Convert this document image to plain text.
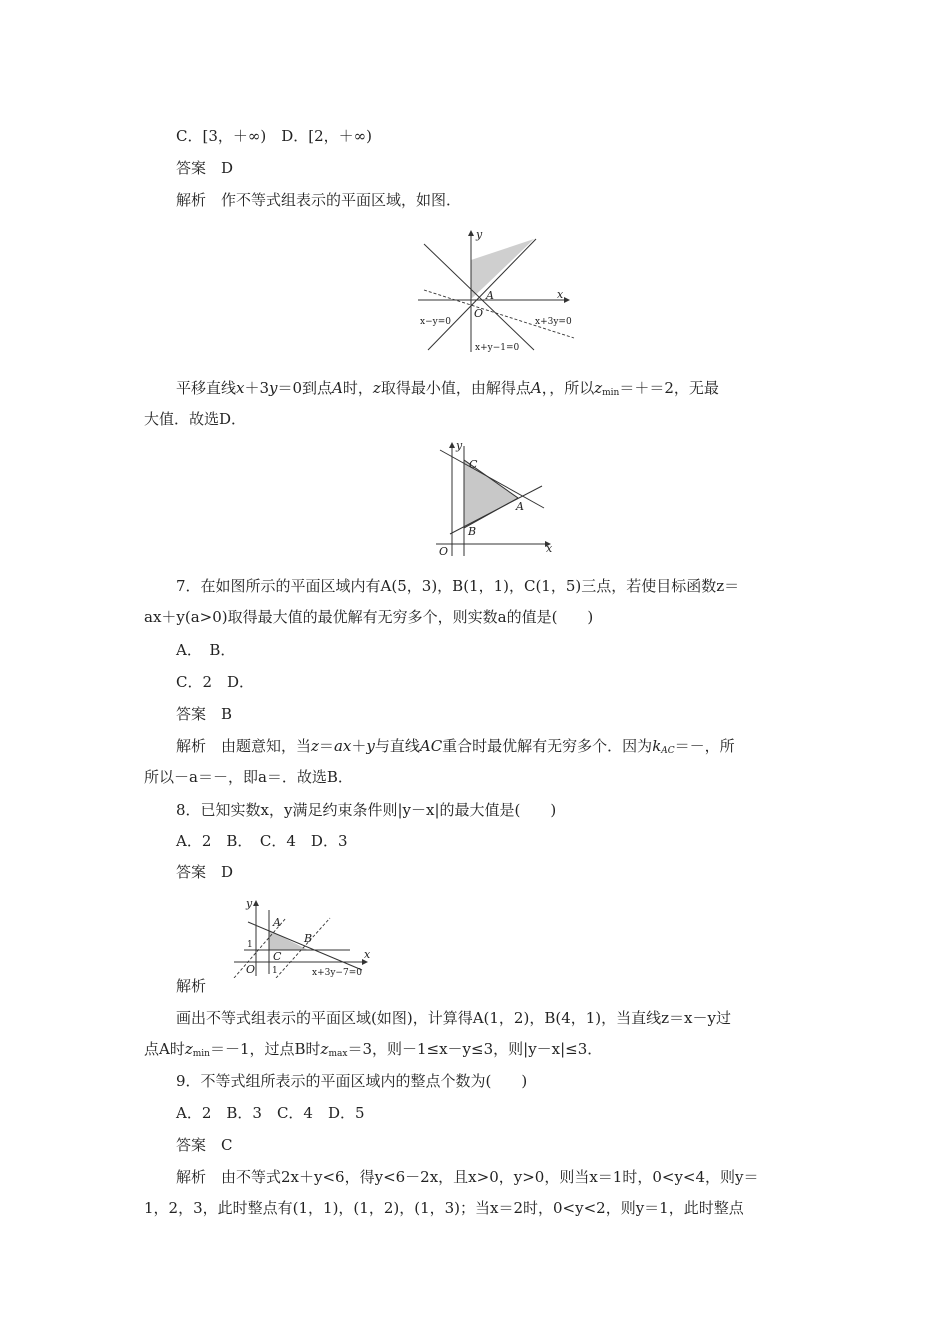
C．[3，＋∞)　D．[2，＋∞)
答案　D
解析　作不等式组表示的平面区域，如图．
y
x
A
O
x−y=0	x+3y=0
x+y−1=0
平移直线x＋3y＝0到点A时，z取得最小值，由解得点A，，所以$z_{min}=+=2$，无最
大值．故选D．
y
x
C
A
B
O
7．在如图所示的平面区域内有A(5，3)，B(1，1)，C(1，5)三点，若使目标函数z＝
ax＋y(a>0)取得最大值的最优解有无穷多个，则实数a的值是(　　)
A．　B．
C．2　D．
答案　B
解析　由题意知，当z＝ax＋y与直线AC重合时最优解有无穷多个．因为$k_{AC}=-$，所
所以－a＝－，即a＝．故选B．
8．已知实数x，y满足约束条件则|y－x|的最大值是(　　)
A．2　B．　C．4　D．3
答案　D
y
x
A
B
C
O
1
1	x+3y−7=0
解析
画出不等式组表示的平面区域(如图)，计算得A(1，2)，B(4，1)，当直线z＝x－y过
点A时$z_{min}=-1$，过点B时$z_{max}=3$，则－1≤x－y≤3，则|y－x|≤3．
9．不等式组所表示的平面区域内的整点个数为(　　)
A．2　B．3　C．4　D．5
答案　C
解析　由不等式2x＋y<6，得y<6－2x，且x>0，y>0，则当x＝1时，0<y<4，则y＝
1，2，3，此时整点有(1，1)，(1，2)，(1，3)；当x＝2时，0<y<2，则y＝1，此时整点
